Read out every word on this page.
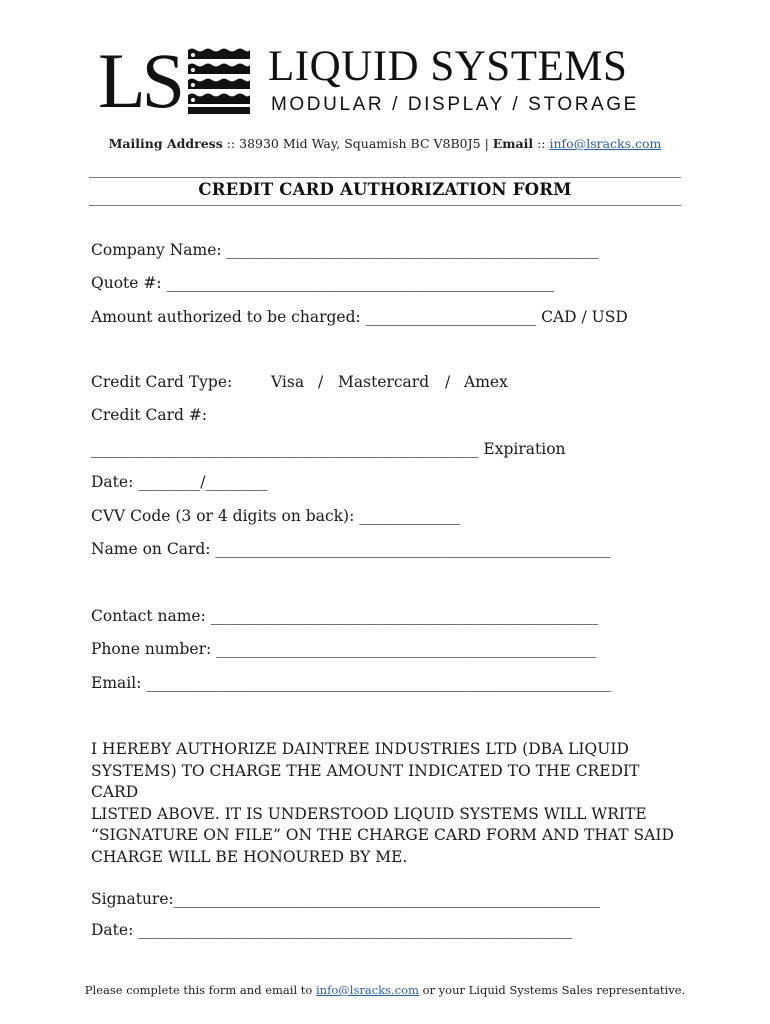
LS LIQUID SYSTEMS
MODULAR / DISPLAY / STORAGE
Mailing Address :: 38930 Mid Way, Squamish BC V8B0J5 | Email :: info@lsracks.com
CREDIT CARD AUTHORIZATION FORM
Company Name: ________________________________________________
Quote #: __________________________________________________
Amount authorized to be charged: ______________________ CAD / USD
Credit Card Type:	Visa / Mastercard / Amex
Credit Card #:
__________________________________________________ Expiration
Date: ________/________
CVV Code (3 or 4 digits on back): _____________
Name on Card: ___________________________________________________
Contact name: __________________________________________________
Phone number: _________________________________________________
Email: ____________________________________________________________
I HEREBY AUTHORIZE DAINTREE INDUSTRIES LTD (DBA LIQUID
SYSTEMS) TO CHARGE THE AMOUNT INDICATED TO THE CREDIT CARD
LISTED ABOVE. IT IS UNDERSTOOD LIQUID SYSTEMS WILL WRITE
“SIGNATURE ON FILE” ON THE CHARGE CARD FORM AND THAT SAID
CHARGE WILL BE HONOURED BY ME.
Signature:_______________________________________________________
Date: ________________________________________________________
Please complete this form and email to info@lsracks.com or your Liquid Systems Sales representative.
